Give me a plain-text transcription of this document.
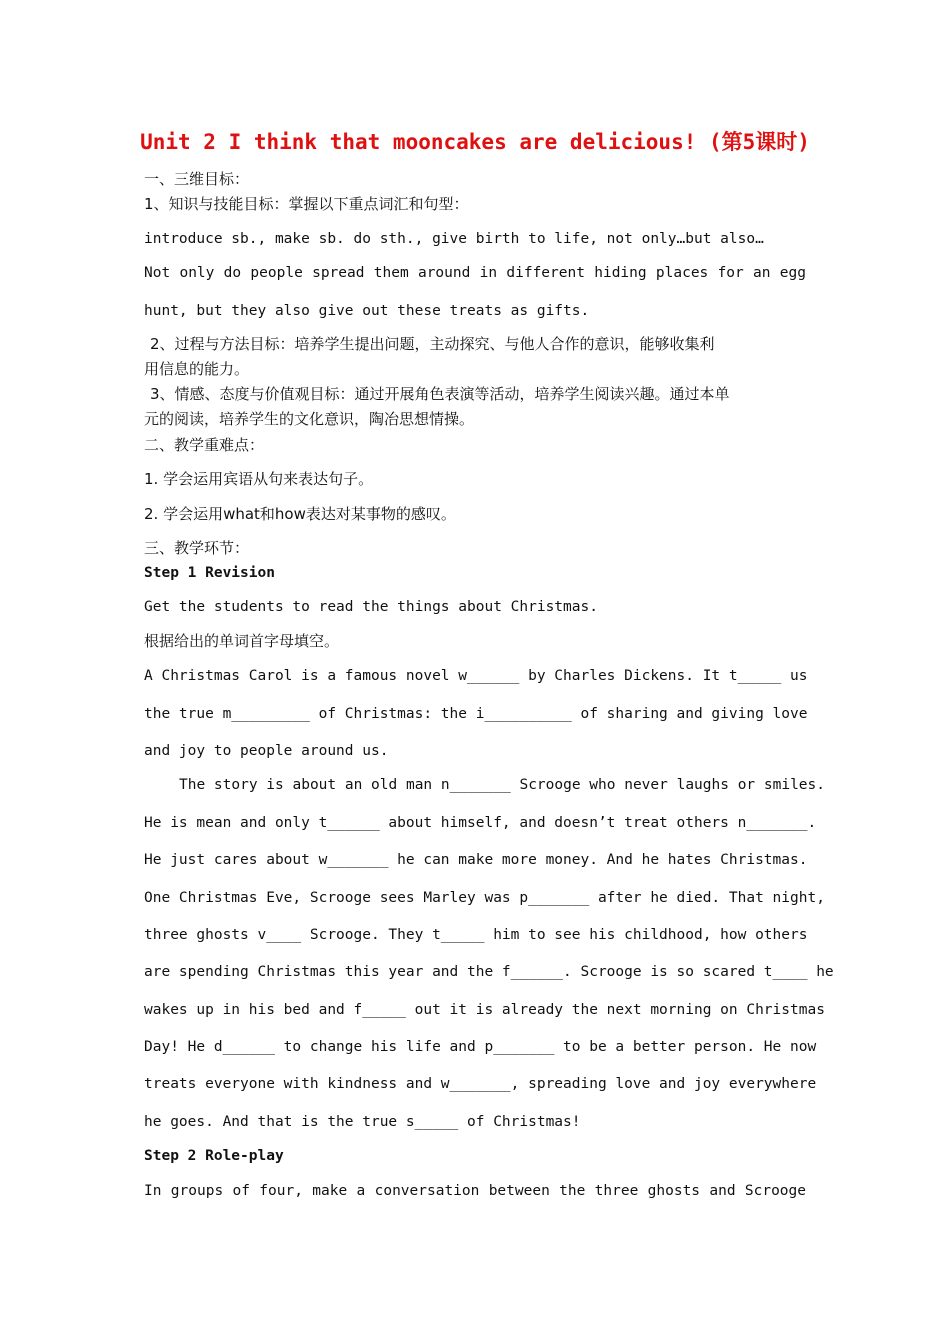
Unit 2 I think that mooncakes are delicious! (第5课时)
一、三维目标：
1、知识与技能目标：掌握以下重点词汇和句型：
introduce sb., make sb. do sth., give birth to life, not only…but also…
Not only do people spread them around in different hiding places for an egg
hunt, but they also give out these treats as gifts.
2、过程与方法目标：培养学生提出问题，主动探究、与他人合作的意识，能够收集利
用信息的能力。
3、情感、态度与价值观目标：通过开展角色表演等活动，培养学生阅读兴趣。通过本单
元的阅读，培养学生的文化意识，陶冶思想情操。
二、教学重难点：
1. 学会运用宾语从句来表达句子。
2. 学会运用what和how表达对某事物的感叹。
三、教学环节：
Step 1 Revision
Get the students to read the things about Christmas.
根据给出的单词首字母填空。
A Christmas Carol is a famous novel w______ by Charles Dickens. It t_____ us
the true m_________ of Christmas: the i__________ of sharing and giving love
and joy to people around us.
The story is about an old man n_______ Scrooge who never laughs or smiles.
He is mean and only t______ about himself, and doesn’t treat others n_______.
He just cares about w_______ he can make more money. And he hates Christmas.
One Christmas Eve, Scrooge sees Marley was p_______ after he died. That night,
three ghosts v____ Scrooge. They t_____ him to see his childhood, how others
are spending Christmas this year and the f______. Scrooge is so scared t____ he
wakes up in his bed and f_____ out it is already the next morning on Christmas
Day! He d______ to change his life and p_______ to be a better person. He now
treats everyone with kindness and w_______, spreading love and joy everywhere
he goes. And that is the true s_____ of Christmas!
Step 2 Role-play
In groups of four, make a conversation between the three ghosts and Scrooge
